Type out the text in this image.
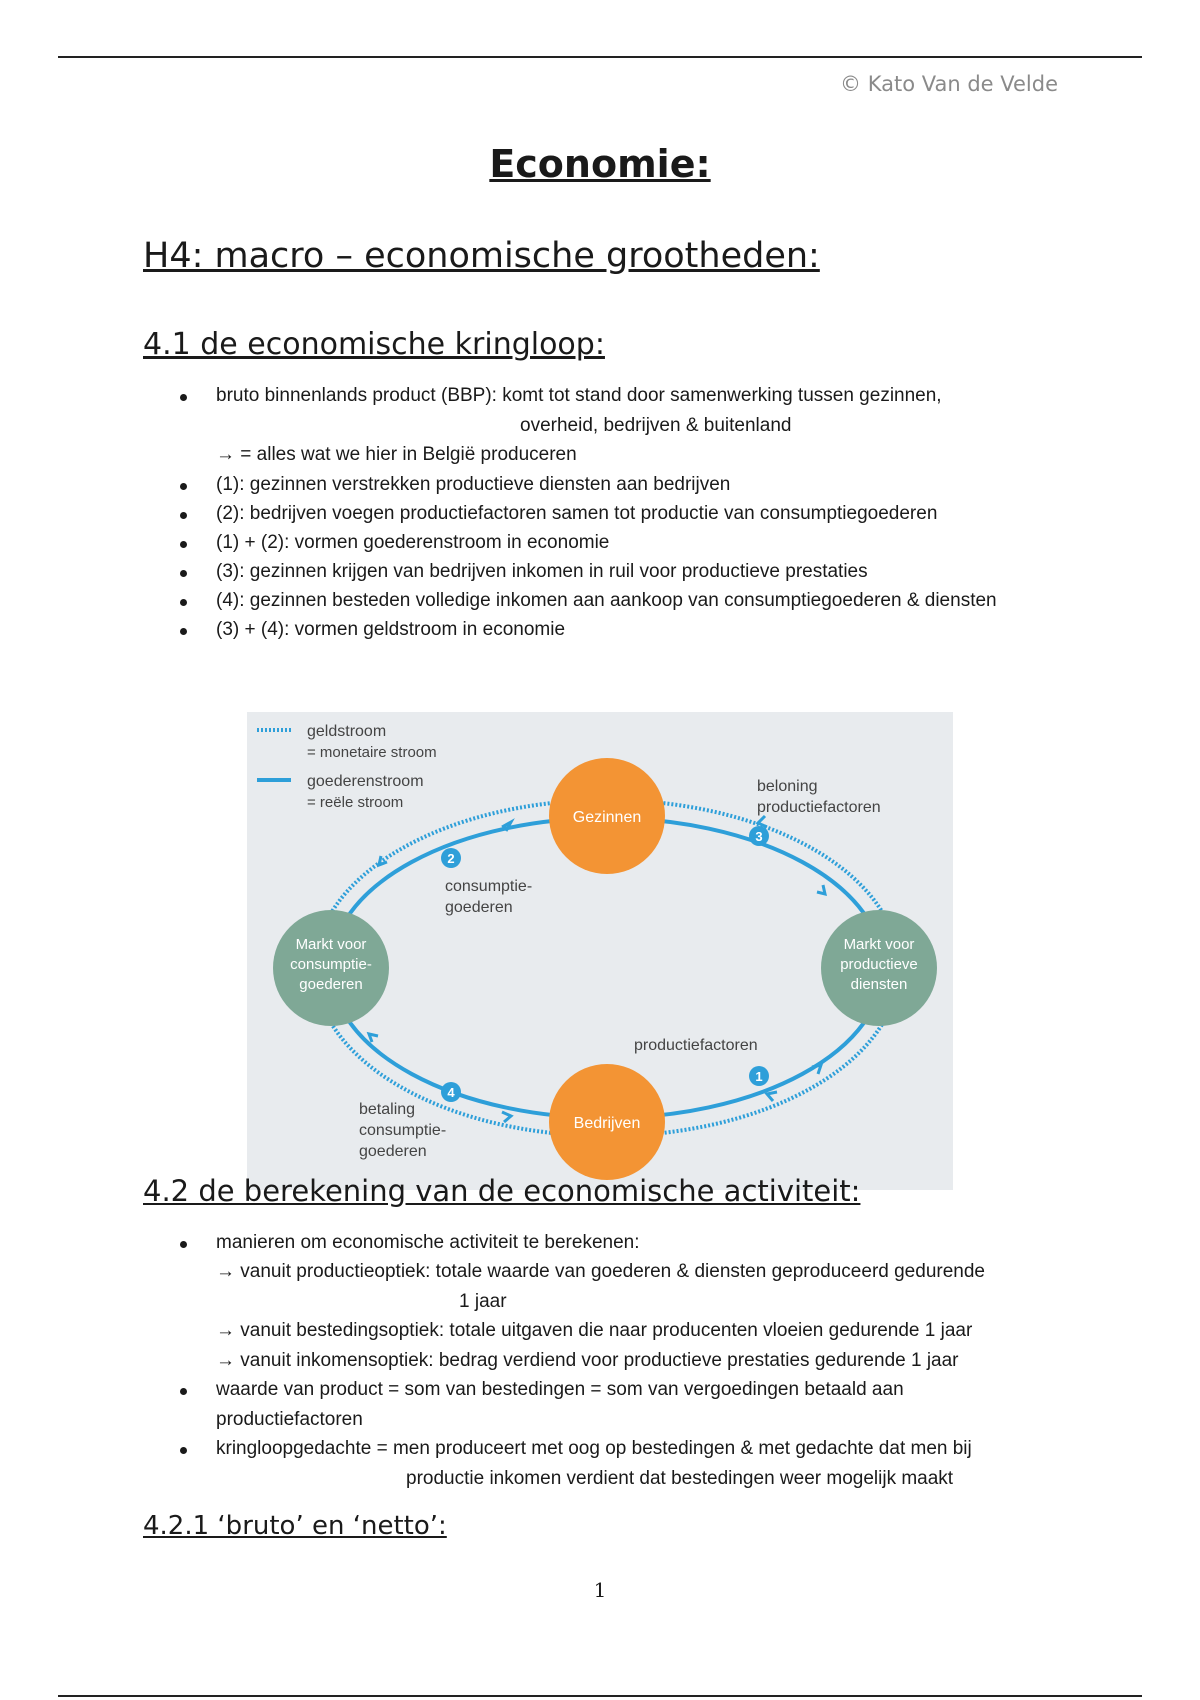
© Kato Van de Velde
Economie:
H4: macro – economische grootheden:
4.1 de economische kringloop:
bruto binnenlands product (BBP): komt tot stand door samenwerking tussen gezinnen,
overheid, bedrijven & buitenland
→ = alles wat we hier in België produceren
(1): gezinnen verstrekken productieve diensten aan bedrijven
(2): bedrijven voegen productiefactoren samen tot productie van consumptiegoederen
(1) + (2): vormen goederenstroom in economie
(3): gezinnen krijgen van bedrijven inkomen in ruil voor productieve prestaties
(4): gezinnen besteden volledige inkomen aan aankoop van consumptiegoederen & diensten
(3) + (4): vormen geldstroom in economie
geldstroom
= monetaire stroom
goederenstroom
= reële stroom
Gezinnen
Bedrijven
Markt voor
consumptie-
goederen
Markt voor
productieve
diensten
beloning
productiefactoren
consumptie-
goederen
productiefactoren
betaling
consumptie-
goederen
1
2
3
4
4.2 de berekening van de economische activiteit:
manieren om economische activiteit te berekenen:
→ vanuit productieoptiek: totale waarde van goederen & diensten geproduceerd gedurende
1 jaar
→ vanuit bestedingsoptiek: totale uitgaven die naar producenten vloeien gedurende 1 jaar
→ vanuit inkomensoptiek: bedrag verdiend voor productieve prestaties gedurende 1 jaar
waarde van product = som van bestedingen = som van vergoedingen betaald aan
productiefactoren
kringloopgedachte = men produceert met oog op bestedingen & met gedachte dat men bij
productie inkomen verdient dat bestedingen weer mogelijk maakt
4.2.1 ‘bruto’ en ‘netto’:
1
